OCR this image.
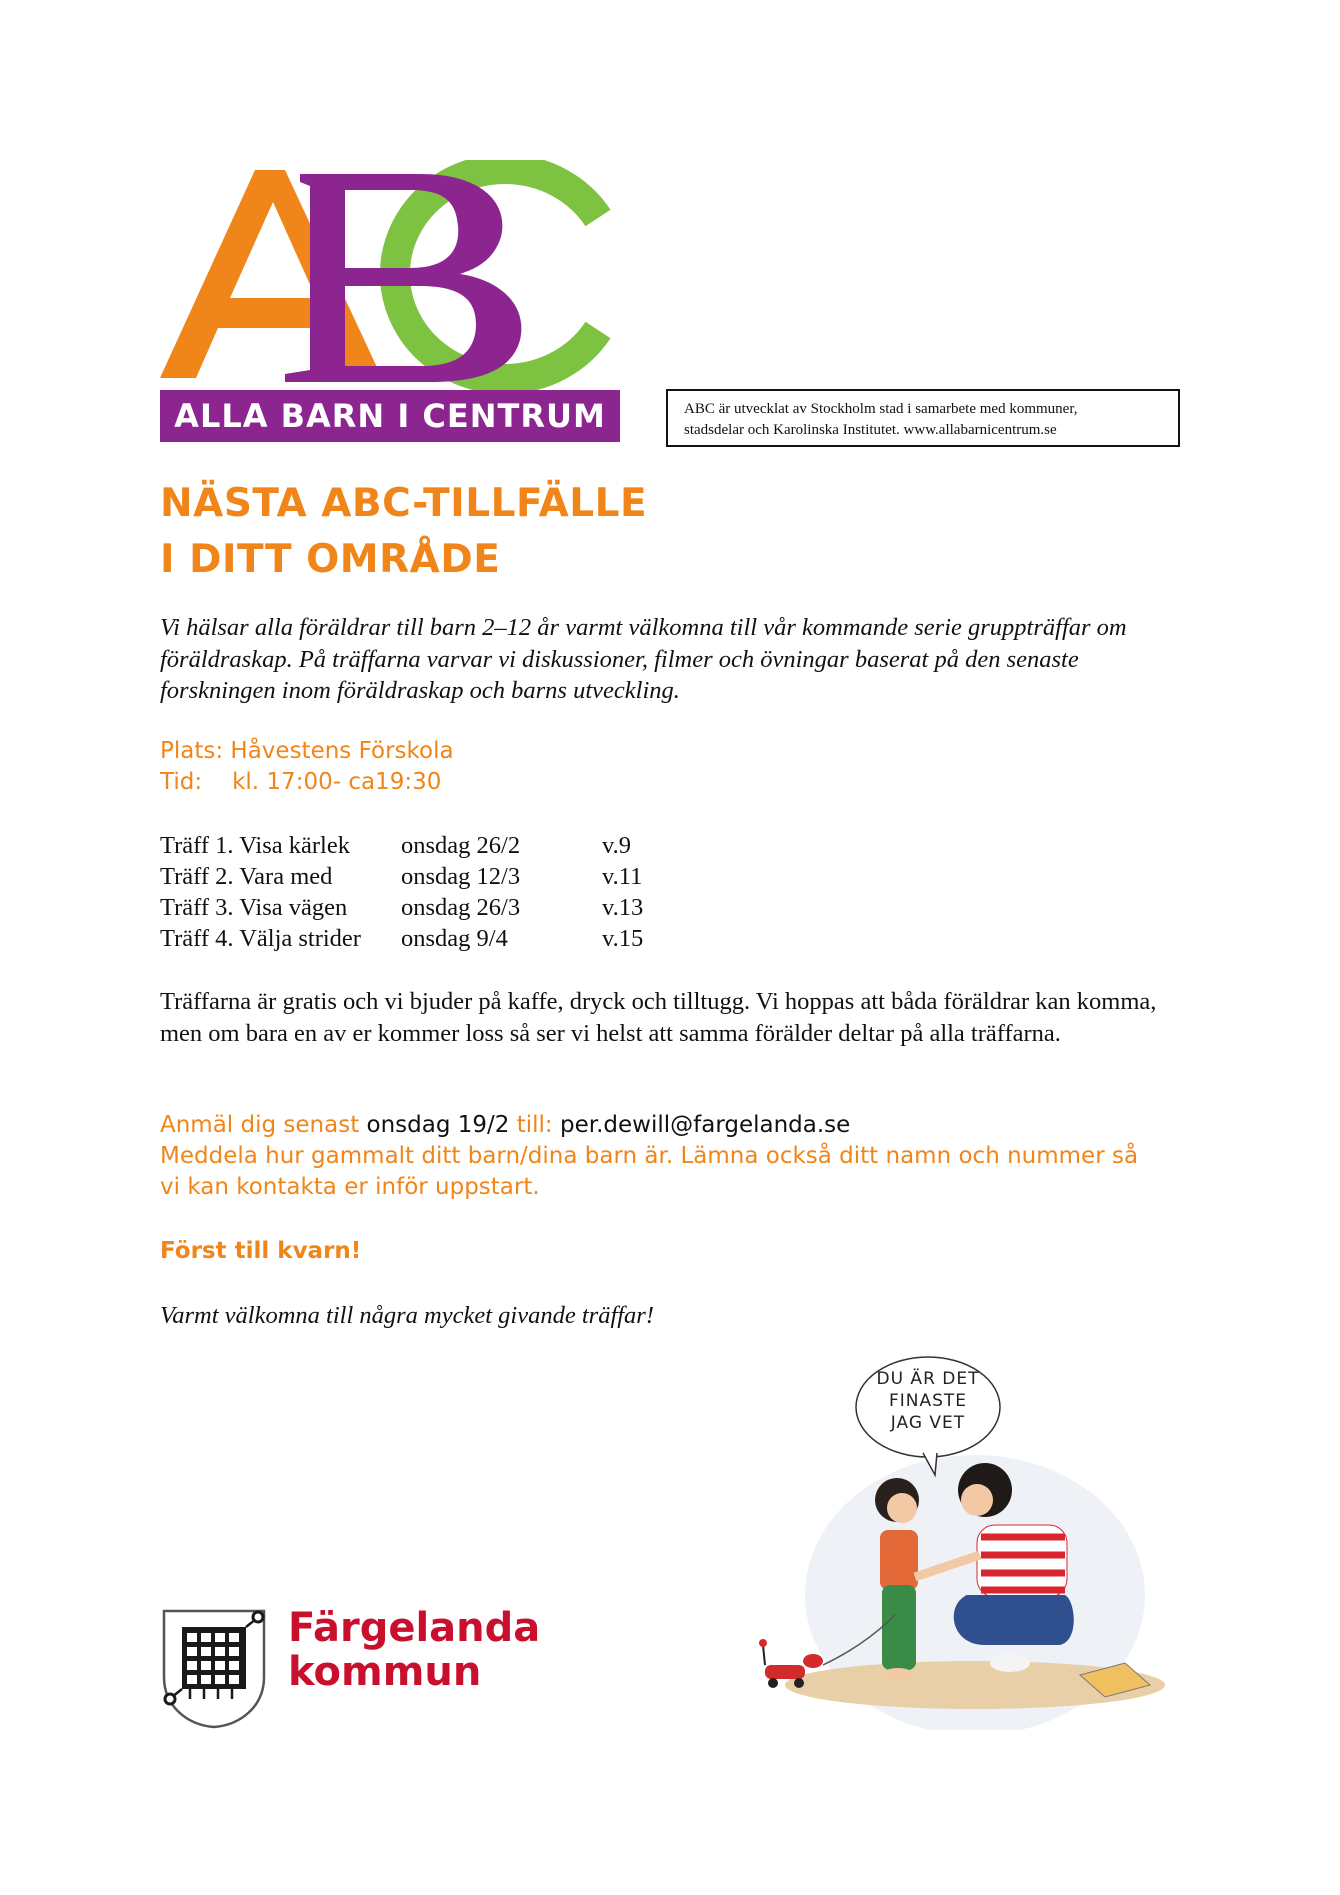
ALLA BARN I CENTRUM	ABC är utvecklat av Stockholm stad i samarbete med kommuner,
stadsdelar och Karolinska Institutet. www.allabarnicentrum.se
NÄSTA ABC-TILLFÄLLE
I DITT OMRÅDE
Vi hälsar alla föräldrar till barn 2–12 år varmt välkomna till vår kommande serie gruppträffar om föräldraskap. På träffarna varvar vi diskussioner, filmer och övningar baserat på den senaste forskningen inom föräldraskap och barns utveckling.
Plats: Håvestens Förskola
Tid: kl. 17:00- ca19:30
Träff 1. Visa kärlek	onsdag 26/2	v.9
Träff 2. Vara med	onsdag 12/3	v.11
Träff 3. Visa vägen	onsdag 26/3	v.13
Träff 4. Välja strider	onsdag 9/4	v.15
Träffarna är gratis och vi bjuder på kaffe, dryck och tilltugg. Vi hoppas att båda föräldrar kan komma, men om bara en av er kommer loss så ser vi helst att samma förälder deltar på alla träffarna.
Anmäl dig senast onsdag 19/2 till: per.dewill@fargelanda.se
Meddela hur gammalt ditt barn/dina barn är. Lämna också ditt namn och nummer så vi kan kontakta er inför uppstart.
Först till kvarn!
Varmt välkomna till några mycket givande träffar!
Färgelanda
kommun
DU ÄR DET
FINASTE
JAG VET
